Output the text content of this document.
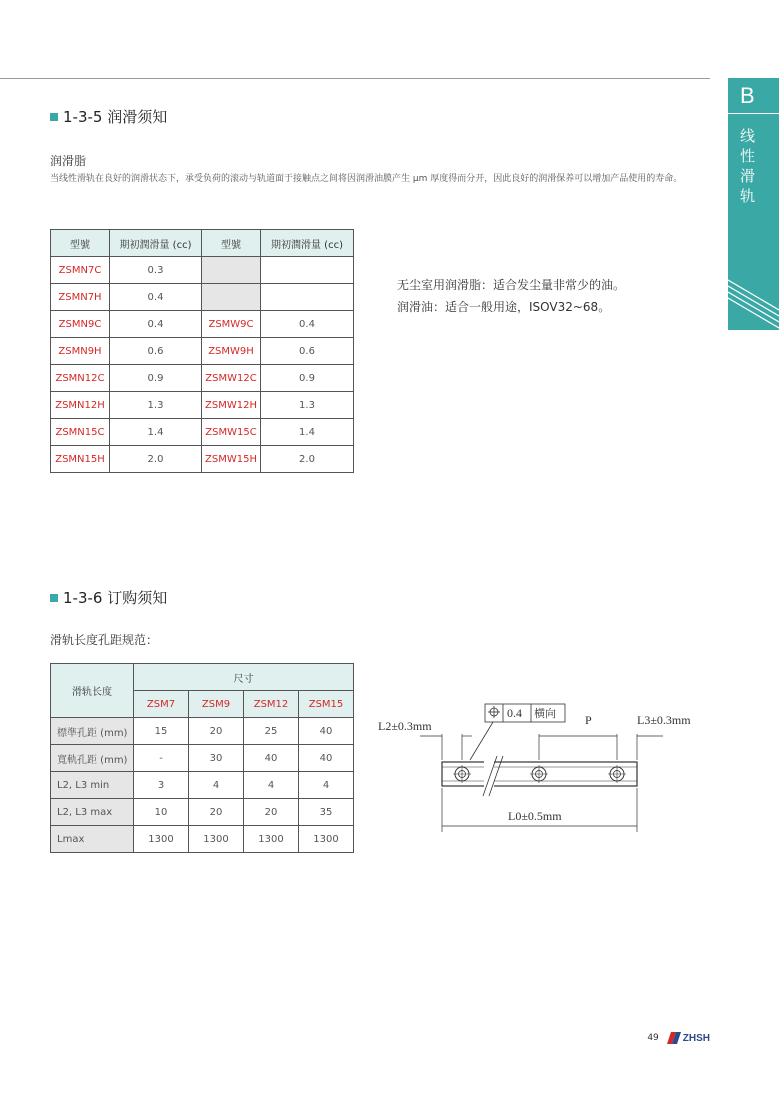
B
线
性
滑
轨
1-3-5 润滑须知
润滑脂
当线性滑轨在良好的润滑状态下，承受负荷的滚动与轨道面于接触点之间将因润滑油膜产生 μm 厚度得而分开，因此良好的润滑保养可以增加产品使用的寿命。
型號	期初潤滑量 (cc)	型號	期初潤滑量 (cc)
ZSMN7C	0.3		
ZSMN7H	0.4		
ZSMN9C	0.4	ZSMW9C	0.4
ZSMN9H	0.6	ZSMW9H	0.6
ZSMN12C	0.9	ZSMW12C	0.9
ZSMN12H	1.3	ZSMW12H	1.3
ZSMN15C	1.4	ZSMW15C	1.4
ZSMN15H	2.0	ZSMW15H	2.0
无尘室用润滑脂：适合发尘量非常少的油。
润滑油：适合一般用途，ISOV32~68。
1-3-6 订购须知
滑轨长度孔距规范：
滑轨长度	尺寸			
	ZSM7	ZSM9	ZSM12	ZSM15
標準孔距 (mm)	15	20	25	40
寬軌孔距 (mm)	-	30	40	40
L2, L3 min	3	4	4	4
L2, L3 max	10	20	20	35
Lmax	1300	1300	1300	1300
L2±0.3mm	L3±0.3mm
P
L0±0.5mm
0.4 横向
49 ZHSH
